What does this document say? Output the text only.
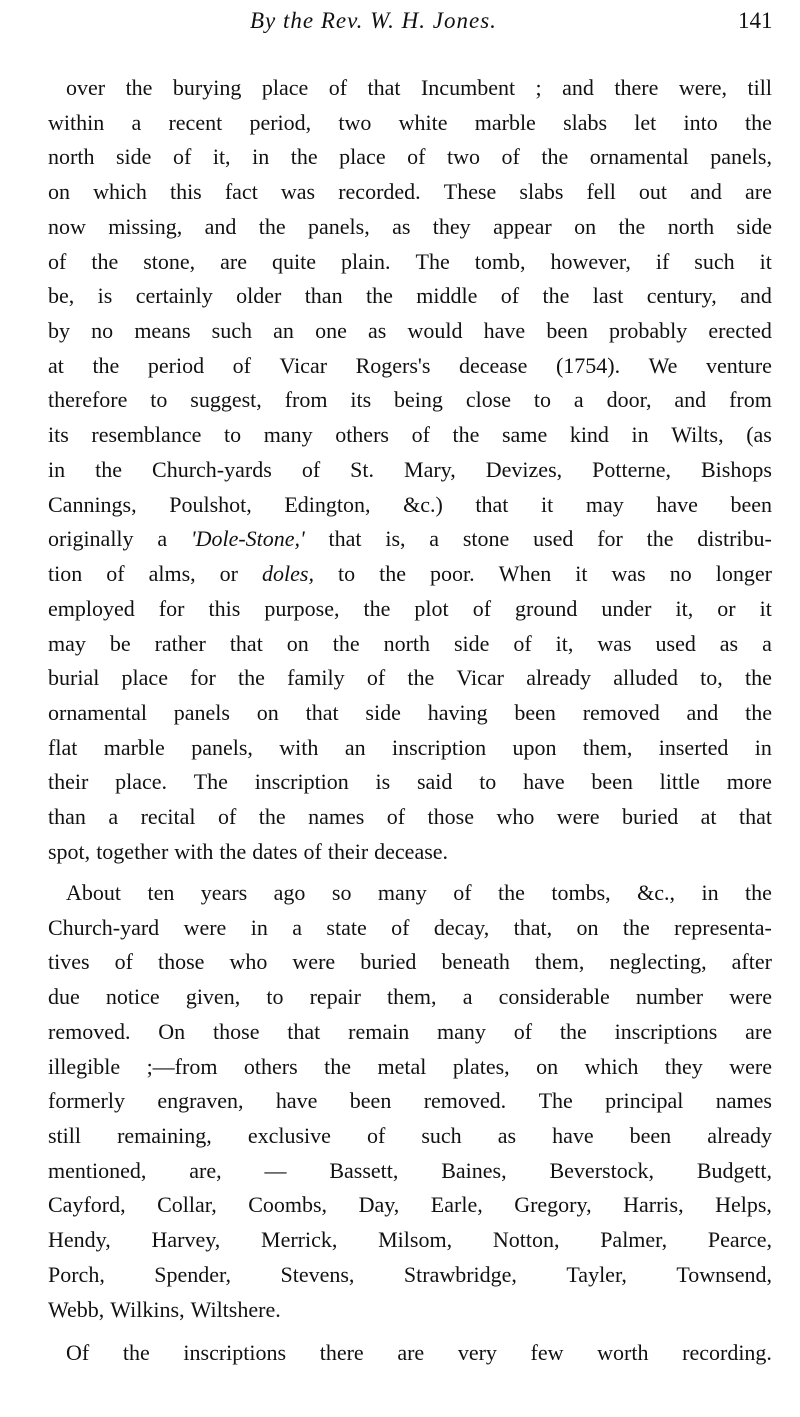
By the Rev. W. H. Jones.	141
over the burying place of that Incumbent ; and there were, till
within a recent period, two white marble slabs let into the
north side of it, in the place of two of the ornamental panels,
on which this fact was recorded. These slabs fell out and are
now missing, and the panels, as they appear on the north side
of the stone, are quite plain. The tomb, however, if such it
be, is certainly older than the middle of the last century, and
by no means such an one as would have been probably erected
at the period of Vicar Rogers's decease (1754). We venture
therefore to suggest, from its being close to a door, and from
its resemblance to many others of the same kind in Wilts, (as
in the Church-yards of St. Mary, Devizes, Potterne, Bishops
Cannings, Poulshot, Edington, &c.) that it may have been
originally a 'Dole-Stone,' that is, a stone used for the distribu-
tion of alms, or doles, to the poor. When it was no longer
employed for this purpose, the plot of ground under it, or it
may be rather that on the north side of it, was used as a
burial place for the family of the Vicar already alluded to, the
ornamental panels on that side having been removed and the
flat marble panels, with an inscription upon them, inserted in
their place. The inscription is said to have been little more
than a recital of the names of those who were buried at that
spot, together with the dates of their decease.
About ten years ago so many of the tombs, &c., in the
Church-yard were in a state of decay, that, on the representa-
tives of those who were buried beneath them, neglecting, after
due notice given, to repair them, a considerable number were
removed. On those that remain many of the inscriptions are
illegible ;—from others the metal plates, on which they were
formerly engraven, have been removed. The principal names
still remaining, exclusive of such as have been already
mentioned, are, — Bassett, Baines, Beverstock, Budgett,
Cayford, Collar, Coombs, Day, Earle, Gregory, Harris, Helps,
Hendy, Harvey, Merrick, Milsom, Notton, Palmer, Pearce,
Porch, Spender, Stevens, Strawbridge, Tayler, Townsend,
Webb, Wilkins, Wiltshere.
Of the inscriptions there are very few worth recording.
